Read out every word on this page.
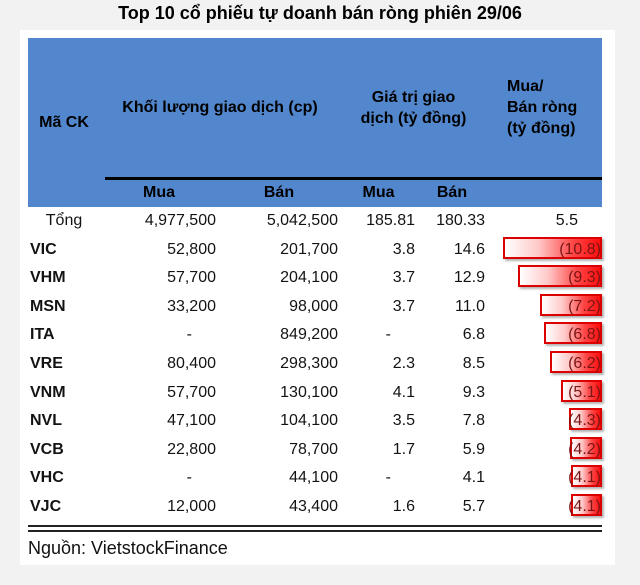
Top 10 cổ phiếu tự doanh bán ròng phiên 29/06
Mã CK
Khối lượng giao dịch (cp)
Giá trị giao
dịch (tỷ đồng)
Mua/
Bán ròng
(tỷ đồng)
Mua	Bán	Mua	Bán
Tổng	4,977,500	5,042,500	185.81	180.33	5.5
VIC	52,800	201,700	3.8	14.6	(10.8)
VHM	57,700	204,100	3.7	12.9	(9.3)
MSN	33,200	98,000	3.7	11.0	(7.2)
ITA	-	849,200	-	6.8	(6.8)
VRE	80,400	298,300	2.3	8.5	(6.2)
VNM	57,700	130,100	4.1	9.3	(5.1)
NVL	47,100	104,100	3.5	7.8	(4.3)
VCB	22,800	78,700	1.7	5.9	(4.2)
VHC	-	44,100	-	4.1	(4.1)
VJC	12,000	43,400	1.6	5.7	(4.1)
Nguồn: VietstockFinance
